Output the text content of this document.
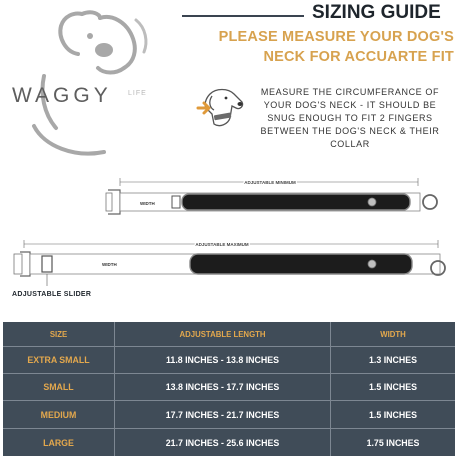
WAGGY LIFE
SIZING GUIDE
PLEASE MEASURE YOUR DOG'S
NECK FOR ACCUARTE FIT
MEASURE THE CIRCUMFERANCE OF
YOUR DOG'S NECK - IT SHOULD BE
SNUG ENOUGH TO FIT 2 FINGERS
BETWEEN THE DOG'S NECK & THEIR
COLLAR
ADJUSTABLE MINIMUM
WIDTH
ADJUSTABLE MAXIMUM
WIDTH
ADJUSTABLE SLIDER
SIZE	ADJUSTABLE LENGTH	WIDTH
EXTRA SMALL	11.8 INCHES - 13.8 INCHES	1.3 INCHES
SMALL	13.8 INCHES - 17.7 INCHES	1.5 INCHES
MEDIUM	17.7 INCHES - 21.7 INCHES	1.5 INCHES
LARGE	21.7 INCHES - 25.6 INCHES	1.75 INCHES
